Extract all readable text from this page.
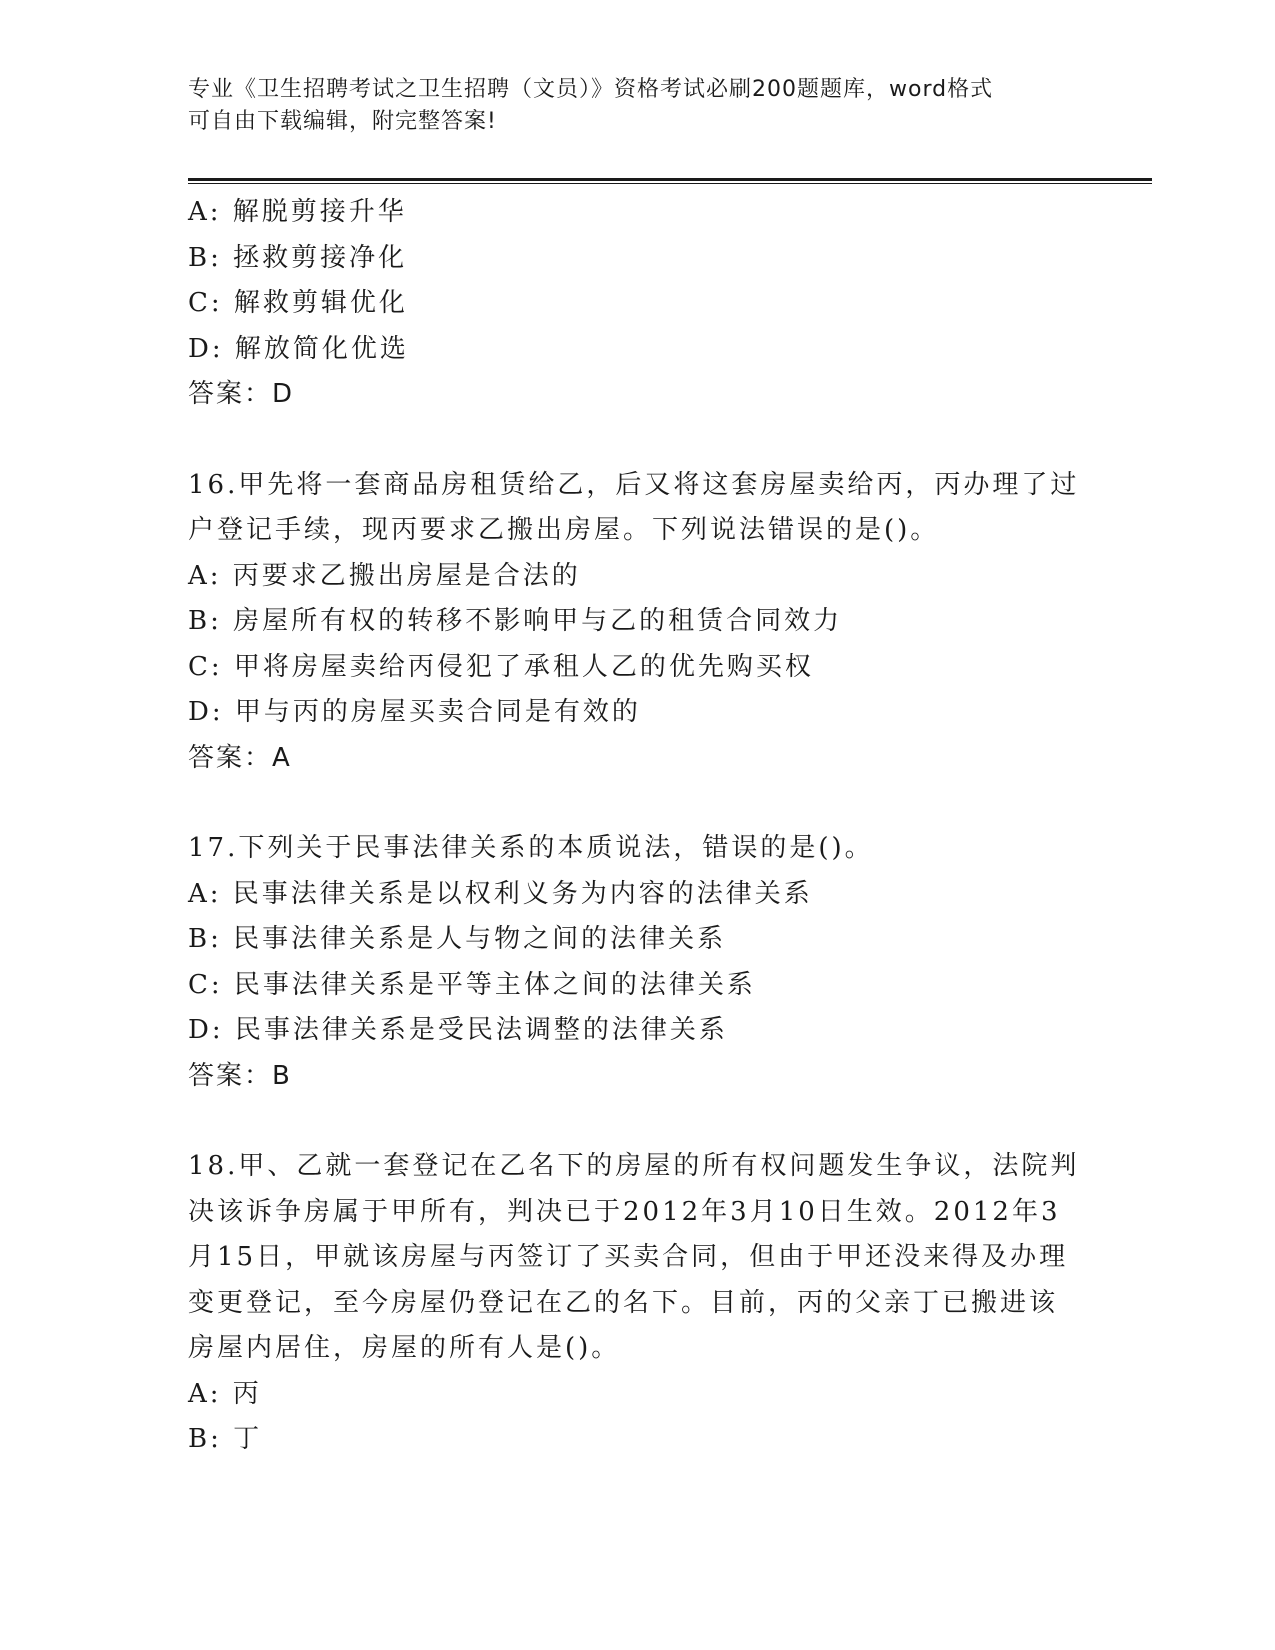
专业《卫生招聘考试之卫生招聘（文员）》资格考试必刷200题题库，word格式
可自由下载编辑，附完整答案!
A: 解脱剪接升华
B: 拯救剪接净化
C: 解救剪辑优化
D: 解放简化优选
答案：D
16.甲先将一套商品房租赁给乙，后又将这套房屋卖给丙，丙办理了过
户登记手续，现丙要求乙搬出房屋。下列说法错误的是()。
A: 丙要求乙搬出房屋是合法的
B: 房屋所有权的转移不影响甲与乙的租赁合同效力
C: 甲将房屋卖给丙侵犯了承租人乙的优先购买权
D: 甲与丙的房屋买卖合同是有效的
答案：A
17.下列关于民事法律关系的本质说法，错误的是()。
A: 民事法律关系是以权利义务为内容的法律关系
B: 民事法律关系是人与物之间的法律关系
C: 民事法律关系是平等主体之间的法律关系
D: 民事法律关系是受民法调整的法律关系
答案：B
18.甲、乙就一套登记在乙名下的房屋的所有权问题发生争议，法院判
决该诉争房属于甲所有，判决已于2012年3月10日生效。2012年3
月15日，甲就该房屋与丙签订了买卖合同，但由于甲还没来得及办理
变更登记，至今房屋仍登记在乙的名下。目前，丙的父亲丁已搬进该
房屋内居住，房屋的所有人是()。
A: 丙
B: 丁
